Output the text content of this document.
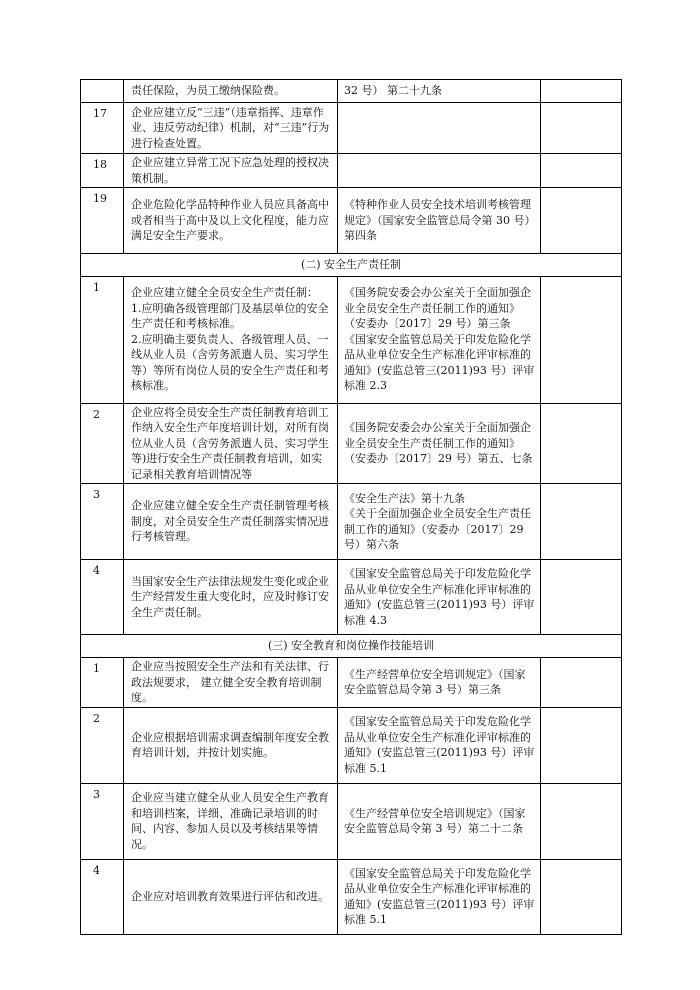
	责任保险，为员工缴纳保险费。	32 号） 第二十九条	
17	企业应建立反“三违”（违章指挥、违章作业、违反劳动纪律）机制，对“三违”行为进行检查处置。		
18	企业应建立异常工况下应急处理的授权决策机制。		
19	企业危险化学品特种作业人员应具备高中或者相当于高中及以上文化程度，能力应满足安全生产要求。	《特种作业人员安全技术培训考核管理规定》（国家安全监管总局令第 30 号）第四条	
(二) 安全生产责任制			
1	企业应建立健全全员安全生产责任制：
1.应明确各级管理部门及基层单位的安全生产责任和考核标准。
2.应明确主要负责人、各级管理人员、一线从业人员（含劳务派遣人员、实习学生等）等所有岗位人员的安全生产责任和考核标准。	《国务院安委会办公室关于全面加强企业全员安全生产责任制工作的通知》（安委办〔2017〕29 号）第三条
《国家安全监管总局关于印发危险化学品从业单位安全生产标准化评审标准的通知》(安监总管三(2011)93 号）评审标准 2.3	

2	企业应将全员安全生产责任制教育培训工作纳入安全生产年度培训计划，对所有岗位从业人员（含劳务派遣人员、实习学生等)进行安全生产责任制教育培训，如实记录相关教育培训情况等	《国务院安委会办公室关于全面加强企业全员安全生产责任制工作的通知》（安委办〔2017〕29 号）第五、七条	

3	企业应建立健全安全生产责任制管理考核制度，对全员安全生产责任制落实情况进行考核管理。	《安全生产法》第十九条
《关于全面加强企业全员安全生产责任制工作的通知》（安委办〔2017〕29 号）第六条	

4	当国家安全生产法律法规发生变化或企业生产经营发生重大变化时，应及时修订安全生产责任制。	《国家安全监管总局关于印发危险化学品从业单位安全生产标准化评审标准的通知》(安监总管三(2011)93 号）评审标准 4.3	

(三) 安全教育和岗位操作技能培训			
1	企业应当按照安全生产法和有关法律、行政法规要求， 建立健全安全教育培训制度。	《生产经营单位安全培训规定》（国家安全监管总局令第 3 号）第三条	

2	企业应根据培训需求调查编制年度安全教育培训计划，并按计划实施。	《国家安全监管总局关于印发危险化学品从业单位安全生产标准化评审标准的通知》(安监总管三(2011)93 号）评审标准 5.1	

3	企业应当建立健全从业人员安全生产教育和培训档案，详细、准确记录培训的时间、内容、参加人员以及考核结果等情况。	《生产经营单位安全培训规定》（国家安全监管总局令第 3 号）第二十二条	

4	企业应对培训教育效果进行评估和改进。	《国家安全监管总局关于印发危险化学品从业单位安全生产标准化评审标准的通知》(安监总管三(2011)93 号）评审标准 5.1	
